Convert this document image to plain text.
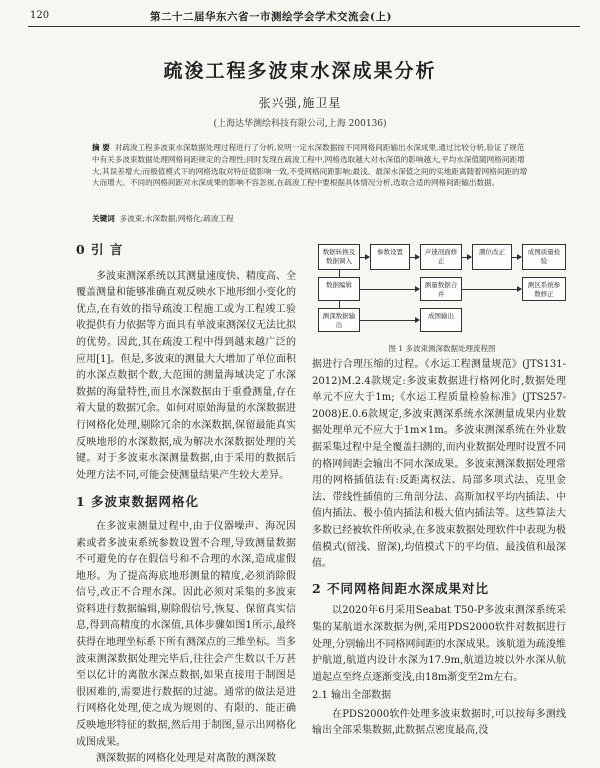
120	第二十二届华东六省一市测绘学会学术交流会(上)
疏浚工程多波束水深成果分析
张兴强,施卫星
(上海达华测绘科技有限公司,上海 200136)
摘 要 对疏浚工程多波束水深数据处理过程进行了分析,说明一定水深数据按不同网格间距输出水深成果,通过比较分析,验证了规范中有关多波束数据处理网格间距规定的合理性;同时发现在疏浚工程中,网格选取越大对水深值的影响越大,平均水深值随网格间距增大,其误差增大;而极值模式下的网格选取对特征值影响一致,不受网格间距影响;最浅、最深水深值之间的实地距离随着网格间距的增大而增大。不同的网格间距对水深成果的影响不容忽视,在疏浚工程中要根据具体情况分析,选取合适的网格间距输出数据。
关键词 多波束;水深数据;网格化;疏浚工程
0 引 言

多波束测深系统以其测量速度快、精度高、全覆盖测量和能够准确直观反映水下地形细小变化的优点,在有效的指导疏浚工程施工或为工程竣工验收提供有力依据等方面具有单波束测深仪无法比拟的优势。因此,其在疏浚工程中得到越来越广泛的应用[1]。但是,多波束的测量大大增加了单位面积的水深点数据个数,大范围的测量海域决定了水深数据的海量特性,而且水深数据由于重叠测量,存在着大量的数据冗余。如何对原始海量的水深数据进行网格化处理,剔除冗余的水深数据,保留最能真实反映地形的水深数据,成为解决水深数据处理的关键。对于多波束水深测量数据,由于采用的数据后处理方法不同,可能会使测量结果产生较大差异。

1 多波束数据网格化

在多波束测量过程中,由于仪器噪声、海况因素或者多波束系统参数设置不合理,导致测量数据不可避免的存在假信号和不合理的水深,造成虚假地形。为了提高海底地形测量的精度,必须消除假信号,改正不合理水深。因此必须对采集的多波束资料进行数据编辑,剔除假信号,恢复、保留真实信息,得到高精度的水深值,具体步骤如图1所示,最终获得在地理坐标系下所有测深点的三维坐标。当多波束测深数据处理完毕后,往往会产生数以千万甚至以亿计的离散水深点数据,如果直接用于制图是很困难的,需要进行数据的过滤。通常的做法是进行网格化处理,使之成为规则的、有限的、能正确反映地形特征的数据,然后用于制图,显示出网格化成图成果。

测深数据的网格化处理是对离散的测深数

数据转换及数据调入
参数设置	声速剖面修正
潮位改正	成图质量检验
数据编辑	测量数据合并
测区系统参数修正
测深数据输出
成图输出
图 1 多波束测深数据处理流程图

据进行合理压缩的过程。《水运工程测量规范》(JTS131-2012)M.2.4款规定:多波束数据进行格网化时,数据处理单元不应大于1m;《水运工程质量检验标准》(JTS257-2008)E.0.6款规定,多波束测深系统水深测量成果内业数据处理单元不应大于1m×1m。多波束测深系统在外业数据采集过程中是全覆盖扫测的,而内业数据处理时设置不同的格网间距会输出不同水深成果。多波束测深数据处理常用的网格插值法有:反距离权法、局部多项式法、克里金法、带线性插值的三角剖分法、高斯加权平均内插法、中值内插法、极小值内插法和极大值内插法等。这些算法大多数已经被软件所收录,在多波束数据处理软件中表现为极值模式(留浅、留深),均值模式下的平均值、最浅值和最深值。

2 不同网格间距水深成果对比

以2020年6月采用Seabat T50-P多波束测深系统采集的某航道水深数据为例,采用PDS2000软件对数据进行处理,分别输出不同格网间距的水深成果。该航道为疏浚维护航道,航道内设计水深为17.9m,航道边坡以外水深从航道起点至终点逐渐变浅,由18m渐变至2m左右。

2.1 输出全部数据

在PDS2000软件处理多波束数据时,可以按每多测线输出全部采集数据,此数据点密度最高,没
